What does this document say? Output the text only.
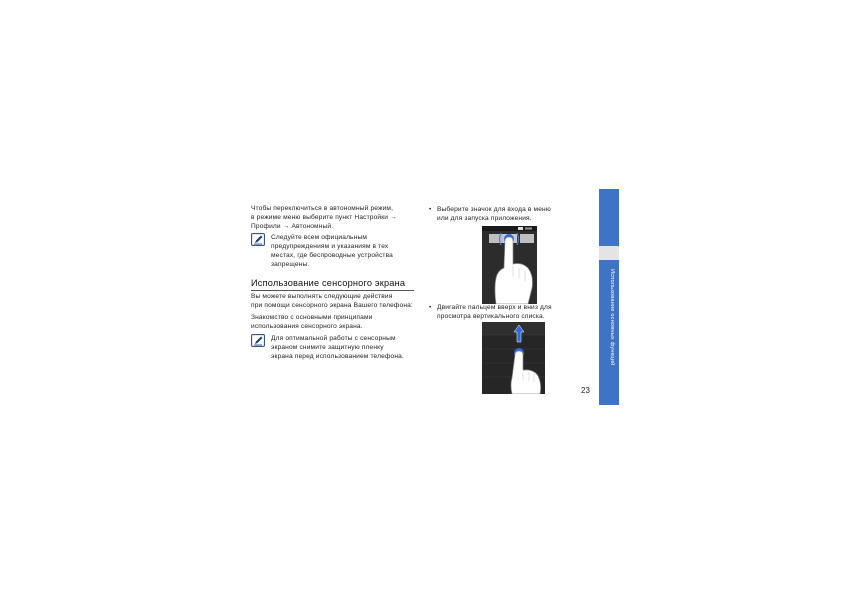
Чтобы переключиться в автономный режим,
в режиме меню выберите пункт Настройки →
Профили → Автономный.
Следуйте всем официальным
предупреждениям и указаниям в тех
местах, где беспроводные устройства
запрещены.
Использование сенсорного экрана
Вы можете выполнять следующие действия
при помощи сенсорного экрана Вашего телефона:
Знакомство с основными принципами
использования сенсорного экрана.
Для оптимальной работы с сенсорным
экраном снимите защитную пленку
экрана перед использованием телефона.
• Выберите значок для входа в меню
или для запуска приложения.
• Двигайте пальцем вверх и вниз для
просмотра вертикального списка.	Использование основных функций
23
